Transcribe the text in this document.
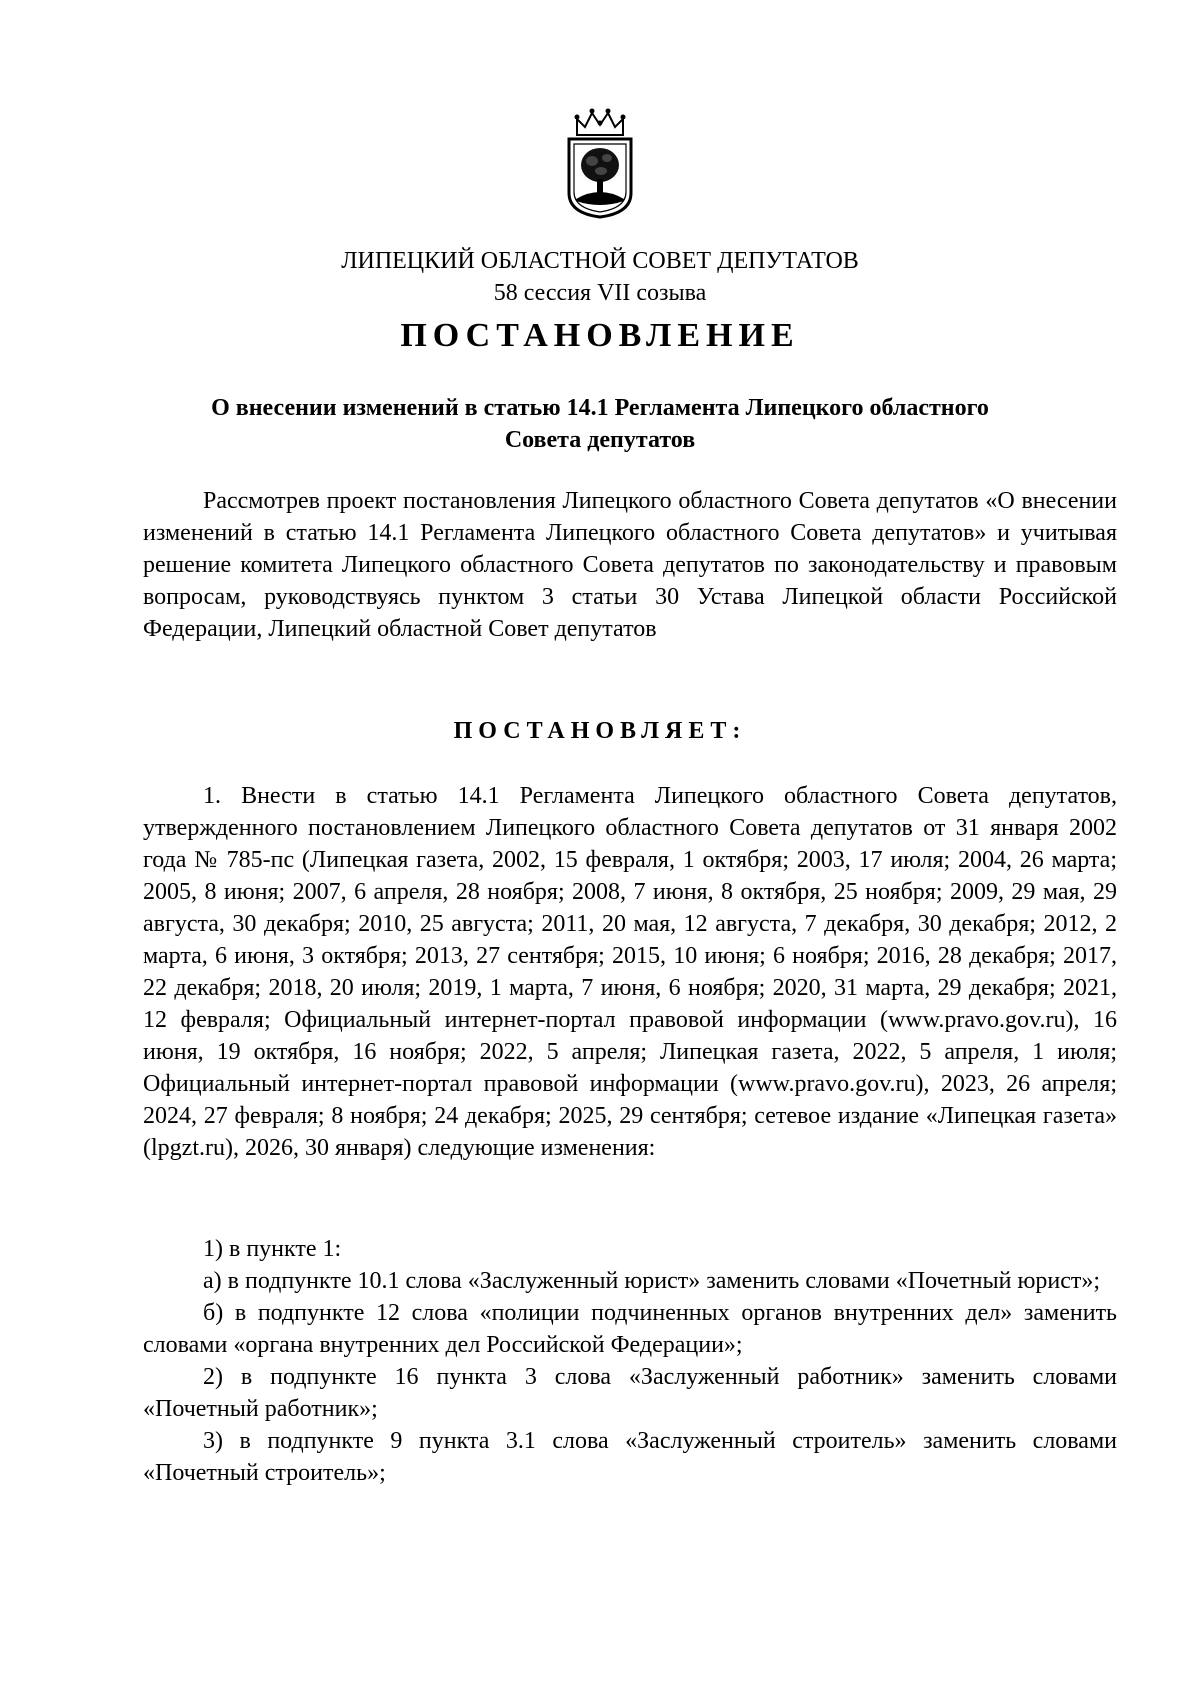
ЛИПЕЦКИЙ ОБЛАСТНОЙ СОВЕТ ДЕПУТАТОВ
58 сессия VII созыва
ПОСТАНОВЛЕНИЕ
О внесении изменений в статью 14.1 Регламента Липецкого областного
Совета депутатов

Рассмотрев проект постановления Липецкого областного Совета депутатов «О внесении изменений в статью 14.1 Регламента Липецкого областного Совета депутатов» и учитывая решение комитета Липецкого областного Совета депутатов по законодательству и правовым вопросам, руководствуясь пунктом 3 статьи 30 Устава Липецкой области Российской Федерации, Липецкий областной Совет депутатов

ПОСТАНОВЛЯЕТ:

1. Внести в статью 14.1 Регламента Липецкого областного Совета депутатов, утвержденного постановлением Липецкого областного Совета депутатов от 31 января 2002 года № 785-пс (Липецкая газета, 2002, 15 февраля, 1 октября; 2003, 17 июля; 2004, 26 марта; 2005, 8 июня; 2007, 6 апреля, 28 ноября; 2008, 7 июня, 8 октября, 25 ноября; 2009, 29 мая, 29 августа, 30 декабря; 2010, 25 августа; 2011, 20 мая, 12 августа, 7 декабря, 30 декабря; 2012, 2 марта, 6 июня, 3 октября; 2013, 27 сентября; 2015, 10 июня; 6 ноября; 2016, 28 декабря; 2017, 22 декабря; 2018, 20 июля; 2019, 1 марта, 7 июня, 6 ноября; 2020, 31 марта, 29 декабря; 2021, 12 февраля; Официальный интернет-портал правовой информации (www.pravo.gov.ru), 16 июня, 19 октября, 16 ноября; 2022, 5 апреля; Липецкая газета, 2022, 5 апреля, 1 июля; Официальный интернет-портал правовой информации (www.pravo.gov.ru), 2023, 26 апреля; 2024, 27 февраля; 8 ноября; 24 декабря; 2025, 29 сентября; сетевое издание «Липецкая газета» (lpgzt.ru), 2026, 30 января) следующие изменения:

1) в пункте 1:

а) в подпункте 10.1 слова «Заслуженный юрист» заменить словами «Почетный юрист»;

б) в подпункте 12 слова «полиции подчиненных органов внутренних дел» заменить словами «органа внутренних дел Российской Федерации»;

2) в подпункте 16 пункта 3 слова «Заслуженный работник» заменить словами «Почетный работник»;

3) в подпункте 9 пункта 3.1 слова «Заслуженный строитель» заменить словами «Почетный строитель»;
